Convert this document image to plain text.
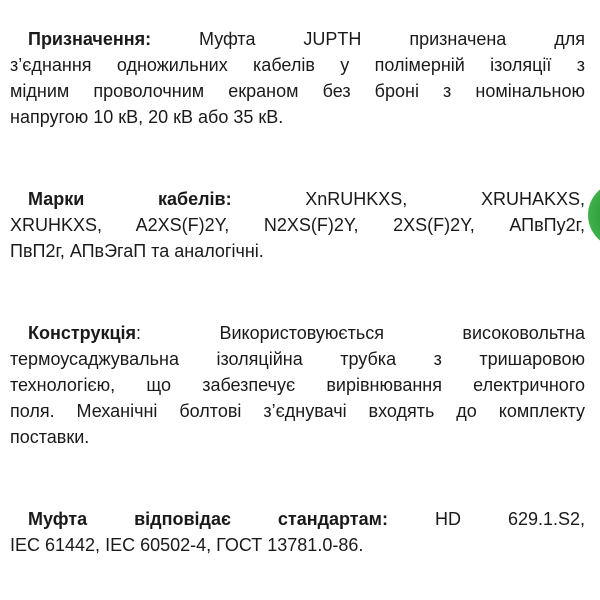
Призначення: Муфта JUPTH призначена для
з’єднання одножильних кабелів у полімерній ізоляції з
мідним проволочним екраном без броні з номінальною
напругою 10 кВ, 20 кВ або 35 кВ.
Марки кабелів: XnRUHKXS, XRUHAKXS,
XRUHKXS, A2XS(F)2Y, N2XS(F)2Y, 2XS(F)2Y, АПвПу2г,
ПвП2г, АПвЭгаП та аналогічні.
Конструкція: Використовуюється високовольтна
термоусаджувальна ізоляційна трубка з тришаровою
технологією, що забезпечує вирівнювання електричного
поля. Механічні болтові з’єднувачі входять до комплекту
поставки.
Муфта відповідає стандартам: HD 629.1.S2,
IEC 61442, IEC 60502-4, ГОСТ 13781.0-86.
